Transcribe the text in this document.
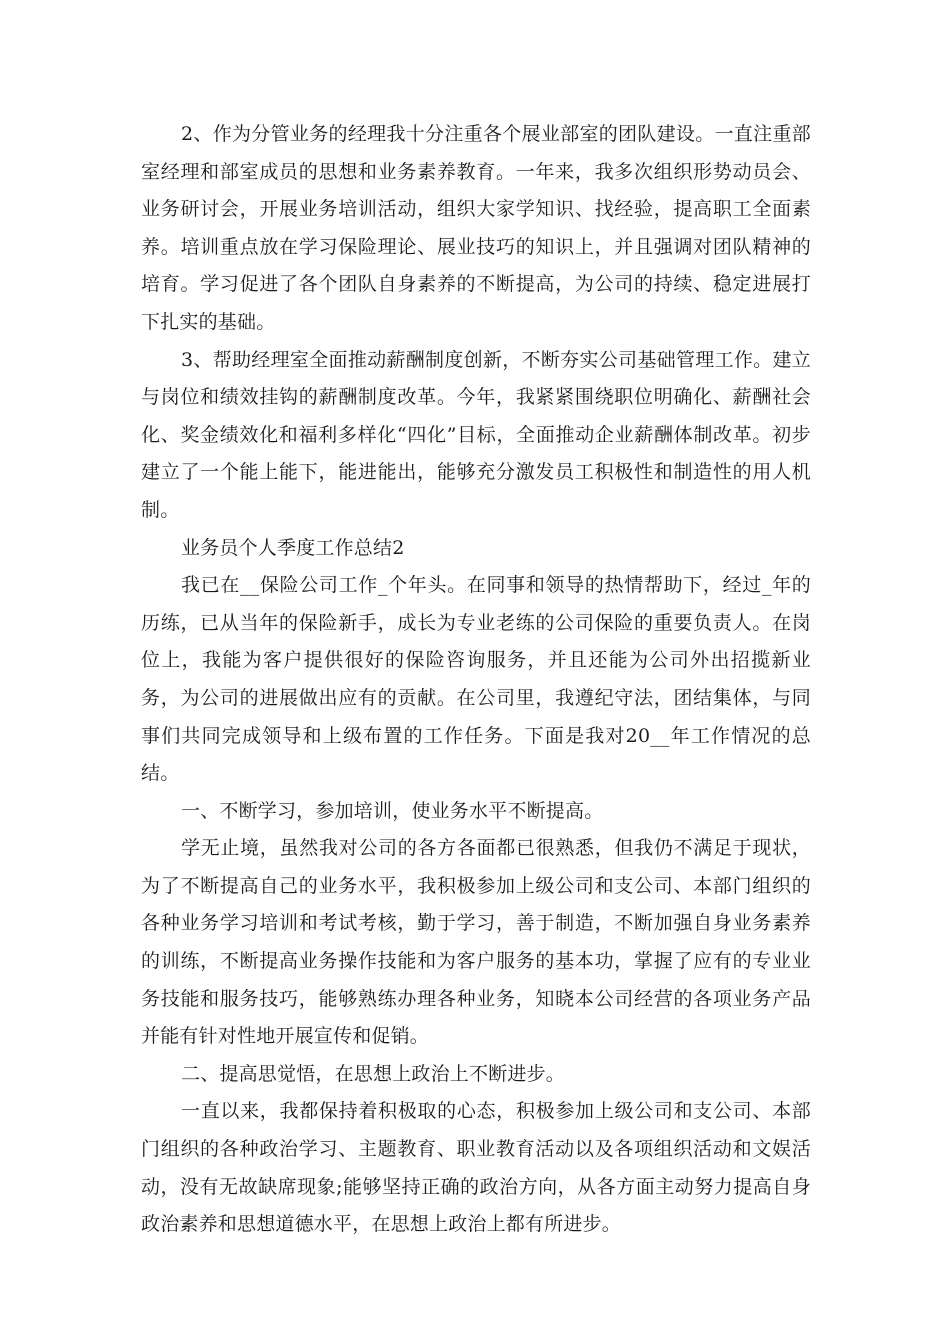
2、作为分管业务的经理我十分注重各个展业部室的团队建设。一直注重部室经理和部室成员的思想和业务素养教育。一年来，我多次组织形势动员会、业务研讨会，开展业务培训活动，组织大家学知识、找经验，提高职工全面素养。培训重点放在学习保险理论、展业技巧的知识上，并且强调对团队精神的培育。学习促进了各个团队自身素养的不断提高，为公司的持续、稳定进展打下扎实的基础。

3、帮助经理室全面推动薪酬制度创新，不断夯实公司基础管理工作。建立与岗位和绩效挂钩的薪酬制度改革。今年，我紧紧围绕职位明确化、薪酬社会化、奖金绩效化和福利多样化“四化”目标，全面推动企业薪酬体制改革。初步建立了一个能上能下，能进能出，能够充分激发员工积极性和制造性的用人机制。

业务员个人季度工作总结2

我已在__保险公司工作_个年头。在同事和领导的热情帮助下，经过_年的历练，已从当年的保险新手，成长为专业老练的公司保险的重要负责人。在岗位上，我能为客户提供很好的保险咨询服务，并且还能为公司外出招揽新业务，为公司的进展做出应有的贡献。在公司里，我遵纪守法，团结集体，与同事们共同完成领导和上级布置的工作任务。下面是我对20__年工作情况的总结。

一、不断学习，参加培训，使业务水平不断提高。

学无止境，虽然我对公司的各方各面都已很熟悉，但我仍不满足于现状，为了不断提高自己的业务水平，我积极参加上级公司和支公司、本部门组织的各种业务学习培训和考试考核，勤于学习，善于制造，不断加强自身业务素养的训练，不断提高业务操作技能和为客户服务的基本功，掌握了应有的专业业务技能和服务技巧，能够熟练办理各种业务，知晓本公司经营的各项业务产品并能有针对性地开展宣传和促销。

二、提高思觉悟，在思想上政治上不断进步。

一直以来，我都保持着积极取的心态，积极参加上级公司和支公司、本部门组织的各种政治学习、主题教育、职业教育活动以及各项组织活动和文娱活动，没有无故缺席现象;能够坚持正确的政治方向，从各方面主动努力提高自身政治素养和思想道德水平，在思想上政治上都有所进步。
